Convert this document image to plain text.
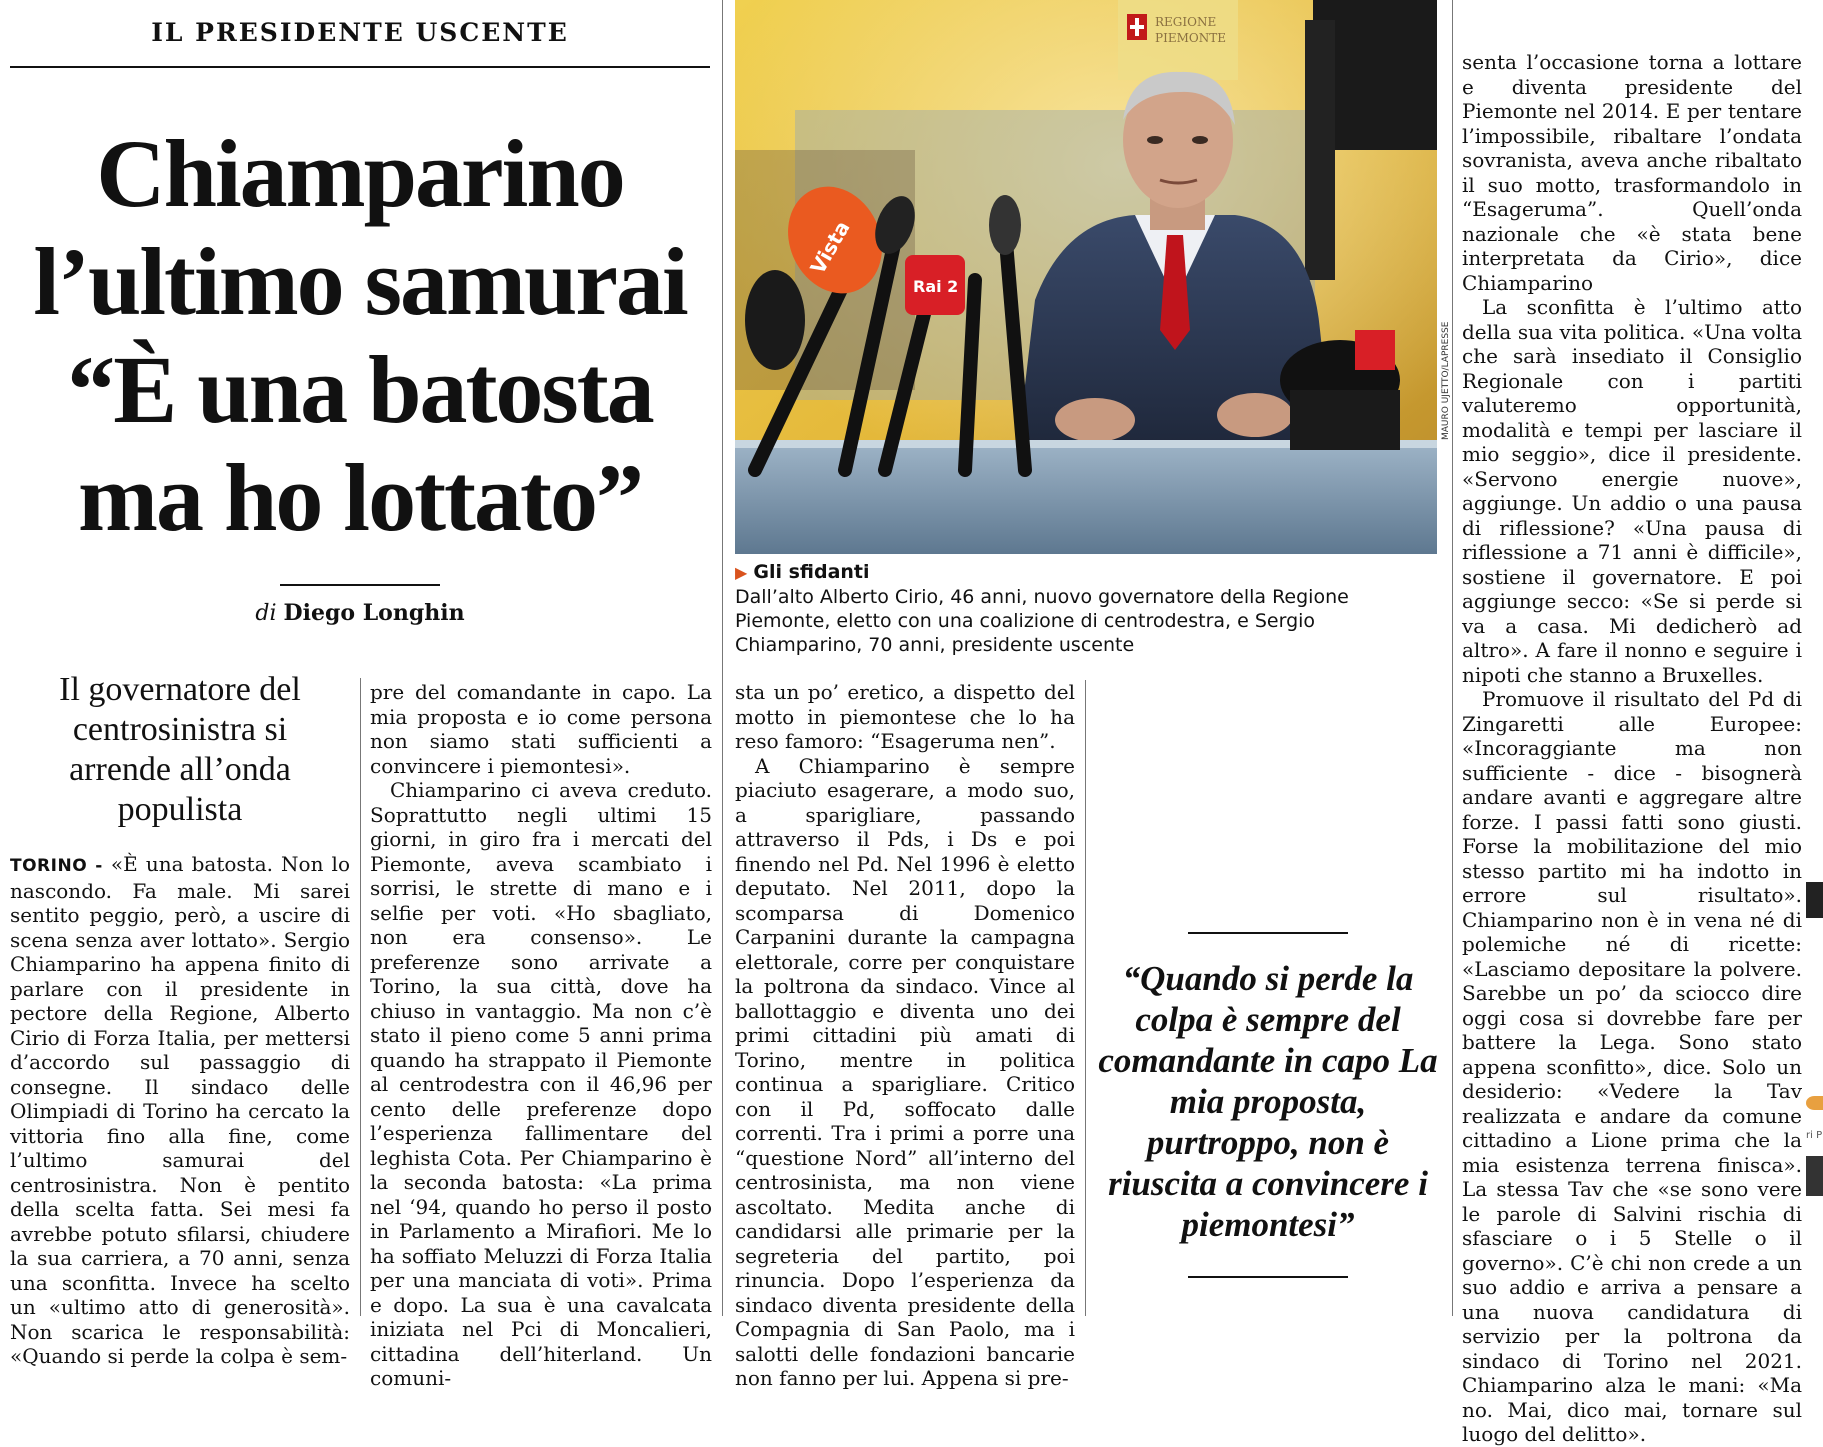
IL PRESIDENTE USCENTE
Chiamparino
l’ultimo samurai
“È una batosta
ma ho lottato”
di Diego Longhin
Il governatore del centrosinistra si arrende all’onda populista

TORINO - «È una batosta. Non lo nascondo. Fa male. Mi sarei sentito peggio, però, a uscire di scena senza aver lottato». Sergio Chiamparino ha appena finito di parlare con il presidente in pectore della Regione, Alberto Cirio di Forza Italia, per mettersi d’accordo sul passaggio di consegne. Il sindaco delle Olimpiadi di Torino ha cercato la vittoria fino alla fine, come l’ultimo samurai del centrosinistra. Non è pentito della scelta fatta. Sei mesi fa avrebbe potuto sfilarsi, chiudere la sua carriera, a 70 anni, senza una sconfitta. Invece ha scelto un «ultimo atto di generosità». Non scarica le responsabilità: «Quando si perde la colpa è sem-

pre del comandante in capo. La mia proposta e io come persona non siamo stati sufficienti a convincere i piemontesi».

Chiamparino ci aveva creduto. Soprattutto negli ultimi 15 giorni, in giro fra i mercati del Piemonte, aveva scambiato i sorrisi, le strette di mano e i selfie per voti. «Ho sbagliato, non era consenso». Le preferenze sono arrivate a Torino, la sua città, dove ha chiuso in vantaggio. Ma non c’è stato il pieno come 5 anni prima quando ha strappato il Piemonte al centrodestra con il 46,96 per cento delle preferenze dopo l’esperienza fallimentare del leghista Cota. Per Chiamparino è la seconda batosta: «La prima nel ‘94, quando ho perso il posto in Parlamento a Mirafiori. Me lo ha soffiato Meluzzi di Forza Italia per una manciata di voti». Prima e dopo. La sua è una cavalcata iniziata nel Pci di Moncalieri, cittadina dell’hiterland. Un comuni-

sta un po’ eretico, a dispetto del motto in piemontese che lo ha reso famoro: “Esageruma nen”.

A Chiamparino è sempre piaciuto esagerare, a modo suo, a sparigliare, passando attraverso il Pds, i Ds e poi finendo nel Pd. Nel 1996 è eletto deputato. Nel 2011, dopo la scomparsa di Domenico Carpanini durante la campagna elettorale, corre per conquistare la poltrona da sindaco. Vince al ballottaggio e diventa uno dei primi cittadini più amati di Torino, mentre in politica continua a sparigliare. Critico con il Pd, soffocato dalle correnti. Tra i primi a porre una “questione Nord” all’interno del centrosinista, ma non viene ascoltato. Medita anche di candidarsi alle primarie per la segreteria del partito, poi rinuncia. Dopo l’esperienza da sindaco diventa presidente della Compagnia di San Paolo, ma i salotti delle fondazioni bancarie non fanno per lui. Appena si pre-

senta l’occasione torna a lottare e diventa presidente del Piemonte nel 2014. E per tentare l’impossibile, ribaltare l’ondata sovranista, aveva anche ribaltato il suo motto, trasformandolo in “Esageruma”. Quell’onda nazionale che «è stata bene interpretata da Cirio», dice Chiamparino

La sconfitta è l’ultimo atto della sua vita politica. «Una volta che sarà insediato il Consiglio Regionale con i partiti valuteremo opportunità, modalità e tempi per lasciare il mio seggio», dice il presidente. «Servono energie nuove», aggiunge. Un addio o una pausa di riflessione? «Una pausa di riflessione a 71 anni è difficile», sostiene il governatore. E poi aggiunge secco: «Se si perde si va a casa. Mi dedicherò ad altro». A fare il nonno e seguire i nipoti che stanno a Bruxelles.

Promuove il risultato del Pd di Zingaretti alle Europee: «Incoraggiante ma non sufficiente - dice - bisognerà andare avanti e aggregare altre forze. I passi fatti sono giusti. Forse la mobilitazione del mio stesso partito mi ha indotto in errore sul risultato». Chiamparino non è in vena né di polemiche né di ricette: «Lasciamo depositare la polvere. Sarebbe un po’ da sciocco dire oggi cosa si dovrebbe fare per battere la Lega. Sono stato appena sconfitto», dice. Solo un desiderio: «Vedere la Tav realizzata e andare da comune cittadino a Lione prima che la mia esistenza terrena finisca». La stessa Tav che «se sono vere le parole di Salvini rischia di sfasciare o i 5 Stelle o il governo». C’è chi non crede a un suo addio e arriva a pensare a una nuova candidatura di servizio per la poltrona da sindaco di Torino nel 2021. Chiamparino alza le mani: «Ma no. Mai, dico mai, tornare sul luogo del delitto».

REGIONE
PIEMONTE
Vista
Rai 2
MAURO UJETTO/LAPRESSE
▶ Gli sfidanti
Dall’alto Alberto Cirio, 46 anni, nuovo governatore della Regione Piemonte, eletto con una coalizione di centrodestra, e Sergio Chiamparino, 70 anni, presidente uscente
“Quando si perde la colpa è sempre del comandante in capo La mia proposta, purtroppo, non è riuscita a convincere i piemontesi”
ri P
